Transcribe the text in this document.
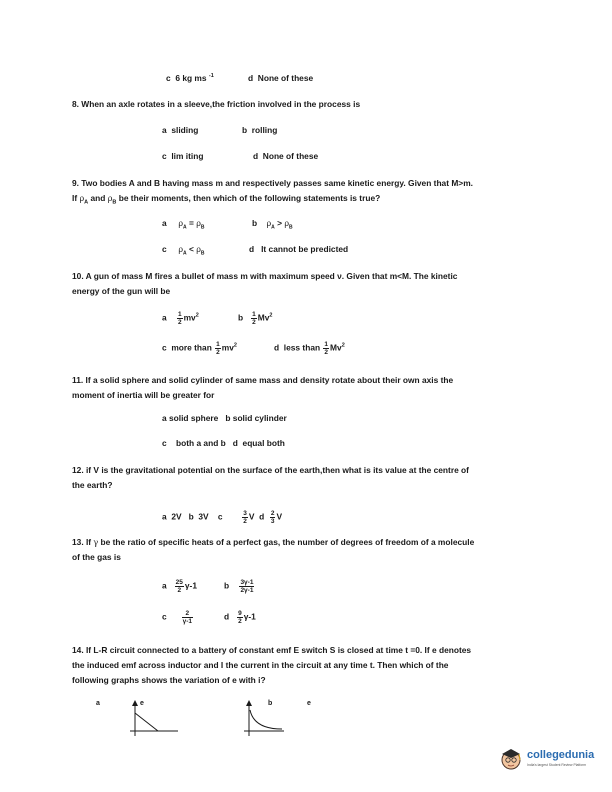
c 6 kg ms $^{-1}$	d None of these
8. When an axle rotates in a sleeve,the friction involved in the process is
a sliding	b rolling
c lim iting	d None of these
9. Two bodies A and B having mass m and respectively passes same kinetic energy. Given that M>m.
If $\rho_A$ and $\rho_B$ be their moments, then which of the following statements is true?
a $\rho_A = \rho_B$	b $\rho_A > \rho_B$
c $\rho_A < \rho_B$	d It cannot be predicted
10. A gun of mass M fires a bullet of mass m with maximum speed ν. Given that m<M. The kinetic
energy of the gun will be
a $\frac{1}{2} mv^2$	b $\frac{1}{2} Mv^2$
c more than $\frac{1}{2} mv^2$	d less than $\frac{1}{2} Mv^2$
11. If a solid sphere and solid cylinder of same mass and density rotate about their own axis the
moment of inertia will be greater for
a solid sphere b solid cylinder
c both a and b d equal both
12. if V is the gravitational potential on the surface of the earth,then what is its value at the centre of
the earth?
a 2V b 3V c	$\frac{3}{2}$ V d $\frac{2}{3}$ V
13. If γ be the ratio of specific heats of a perfect gas, the number of degrees of freedom of a molecule
of the gas is
a $\frac{25}{2} \gamma-1$	b $\frac{3\gamma-1}{2\gamma-1}$
c $\frac{2}{\gamma-1}$	d $\frac{9}{2} \gamma-1$
14. If L-R circuit connected to a battery of constant emf E switch S is closed at time t =0. If e denotes
the induced emf across inductor and I the current in the circuit at any time t. Then which of the
following graphs shows the variation of e with i?
a	e	b	e
collegedunia
India's largest Student Review Platform
